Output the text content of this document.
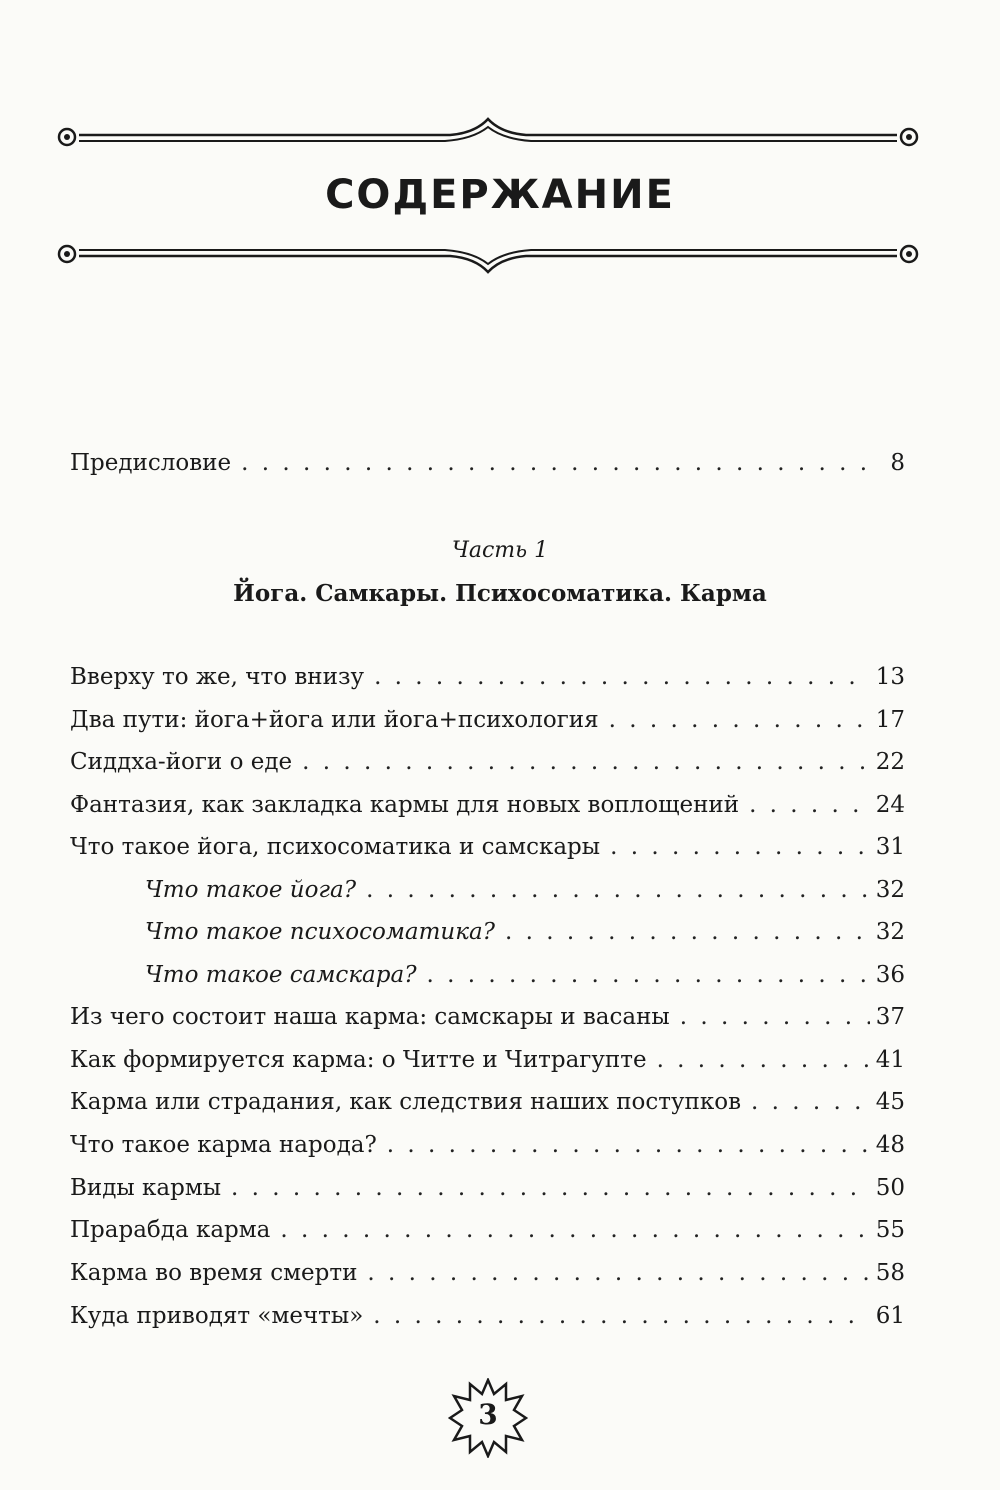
СОДЕРЖАНИЕ
Предисловие . . .	8
Часть 1
Йога. Самкары. Психосоматика. Карма
Вверху то же, что внизу . . .	13
Два пути: йога+йога или йога+психология . . .	17
Сиддха-йоги о еде . . .	22
Фантазия, как закладка кармы для новых воплощений . . .	24
Что такое йога, психосоматика и самскары . . .	31
Что такое йога? . . .	32
Что такое психосоматика? . . .	32
Что такое самскара? . . .	36
Из чего состоит наша карма: самскары и васаны . . .	37
Как формируется карма: о Читте и Читрагупте . . .	41
Карма или страдания, как следствия наших поступков . . .	45
Что такое карма народа? . . .	48
Виды кармы . . .	50
Прарабда карма . . .	55
Карма во время смерти . . .	58
Куда приводят «мечты» . . .	61
3
